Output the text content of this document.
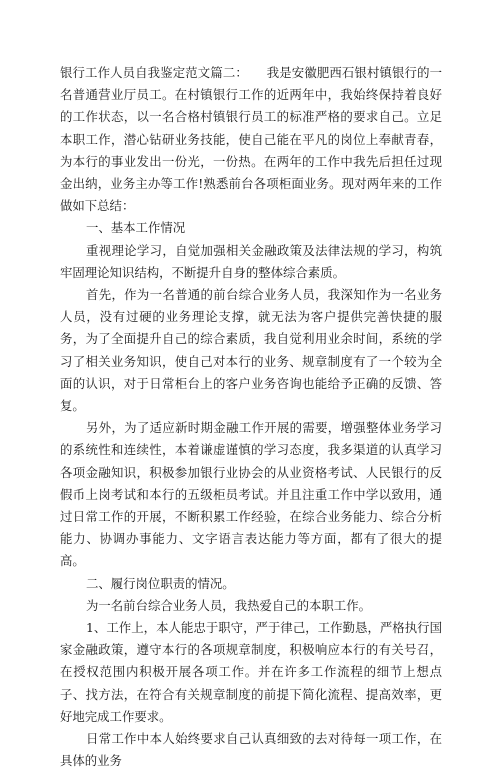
银行工作人员自我鉴定范文篇二：　　我是安徽肥西石银村镇银行的一名普通营业厅员工。在村镇银行工作的近两年中，我始终保持着良好的工作状态，以一名合格村镇银行员工的标准严格的要求自己。立足本职工作，潜心钻研业务技能，使自己能在平凡的岗位上奉献青春，为本行的事业发出一份光，一份热。在两年的工作中我先后担任过现金出纳，业务主办等工作!熟悉前台各项柜面业务。现对两年来的工作做如下总结：

一、基本工作情况

重视理论学习，自觉加强相关金融政策及法律法规的学习，构筑牢固理论知识结构，不断提升自身的整体综合素质。

首先，作为一名普通的前台综合业务人员，我深知作为一名业务人员，没有过硬的业务理论支撑，就无法为客户提供完善快捷的服务，为了全面提升自己的综合素质，我自觉利用业余时间，系统的学习了相关业务知识，使自己对本行的业务、规章制度有了一个较为全面的认识，对于日常柜台上的客户业务咨询也能给予正确的反馈、答复。

另外，为了适应新时期金融工作开展的需要，增强整体业务学习的系统性和连续性，本着谦虚谨慎的学习态度，我多渠道的认真学习各项金融知识，积极参加银行业协会的从业资格考试、人民银行的反假币上岗考试和本行的五级柜员考试。并且注重工作中学以致用，通过日常工作的开展，不断积累工作经验，在综合业务能力、综合分析能力、协调办事能力、文字语言表达能力等方面，都有了很大的提高。

二、履行岗位职责的情况。

为一名前台综合业务人员，我热爱自己的本职工作。

1、工作上，本人能忠于职守，严于律己，工作勤恳，严格执行国家金融政策，遵守本行的各项规章制度，积极响应本行的有关号召，在授权范围内积极开展各项工作。并在许多工作流程的细节上想点子、找方法，在符合有关规章制度的前提下简化流程、提高效率，更好地完成工作要求。

日常工作中本人始终要求自己认真细致的去对待每一项工作，在具体的业务
